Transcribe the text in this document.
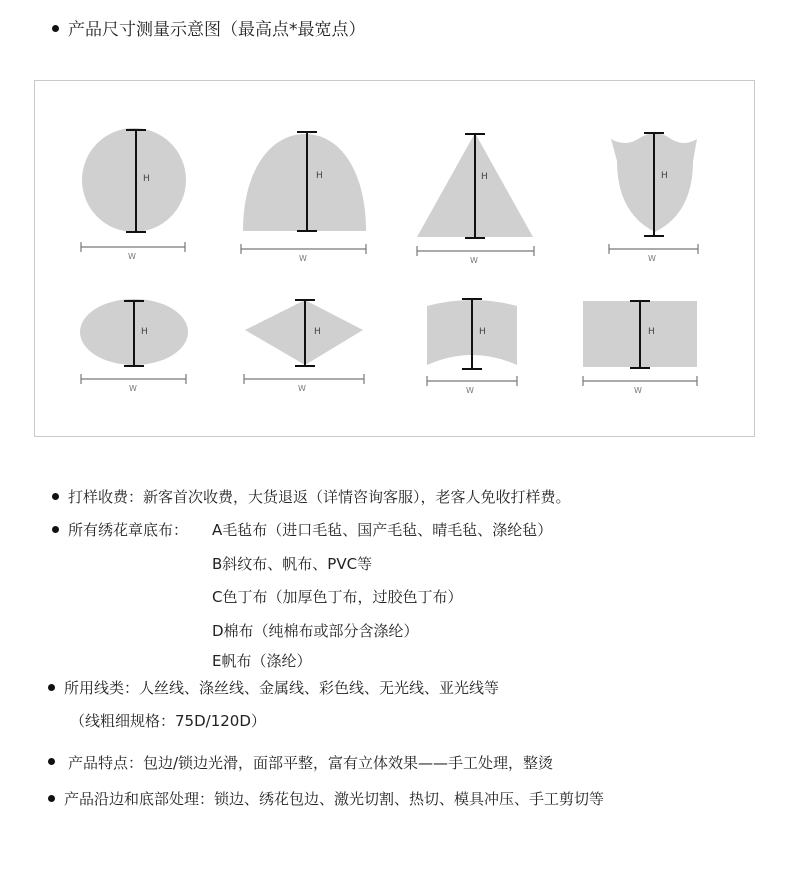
产品尺寸测量示意图（最高点*最宽点）
H	H	H	H
H	H	H	H
W	W	W	W
W	W	W	W
打样收费：新客首次收费，大货退返（详情咨询客服），老客人免收打样费。
所有绣花章底布： A毛毡布（进口毛毡、国产毛毡、晴毛毡、涤纶毡）
B斜纹布、帆布、PVC等
C色丁布（加厚色丁布，过胶色丁布）
D棉布（纯棉布或部分含涤纶）
E帆布（涤纶）
所用线类：人丝线、涤丝线、金属线、彩色线、无光线、亚光线等
（线粗细规格：75D/120D）
产品特点：包边/锁边光滑，面部平整，富有立体效果——手工处理，整烫
产品沿边和底部处理：锁边、绣花包边、激光切割、热切、模具冲压、手工剪切等
